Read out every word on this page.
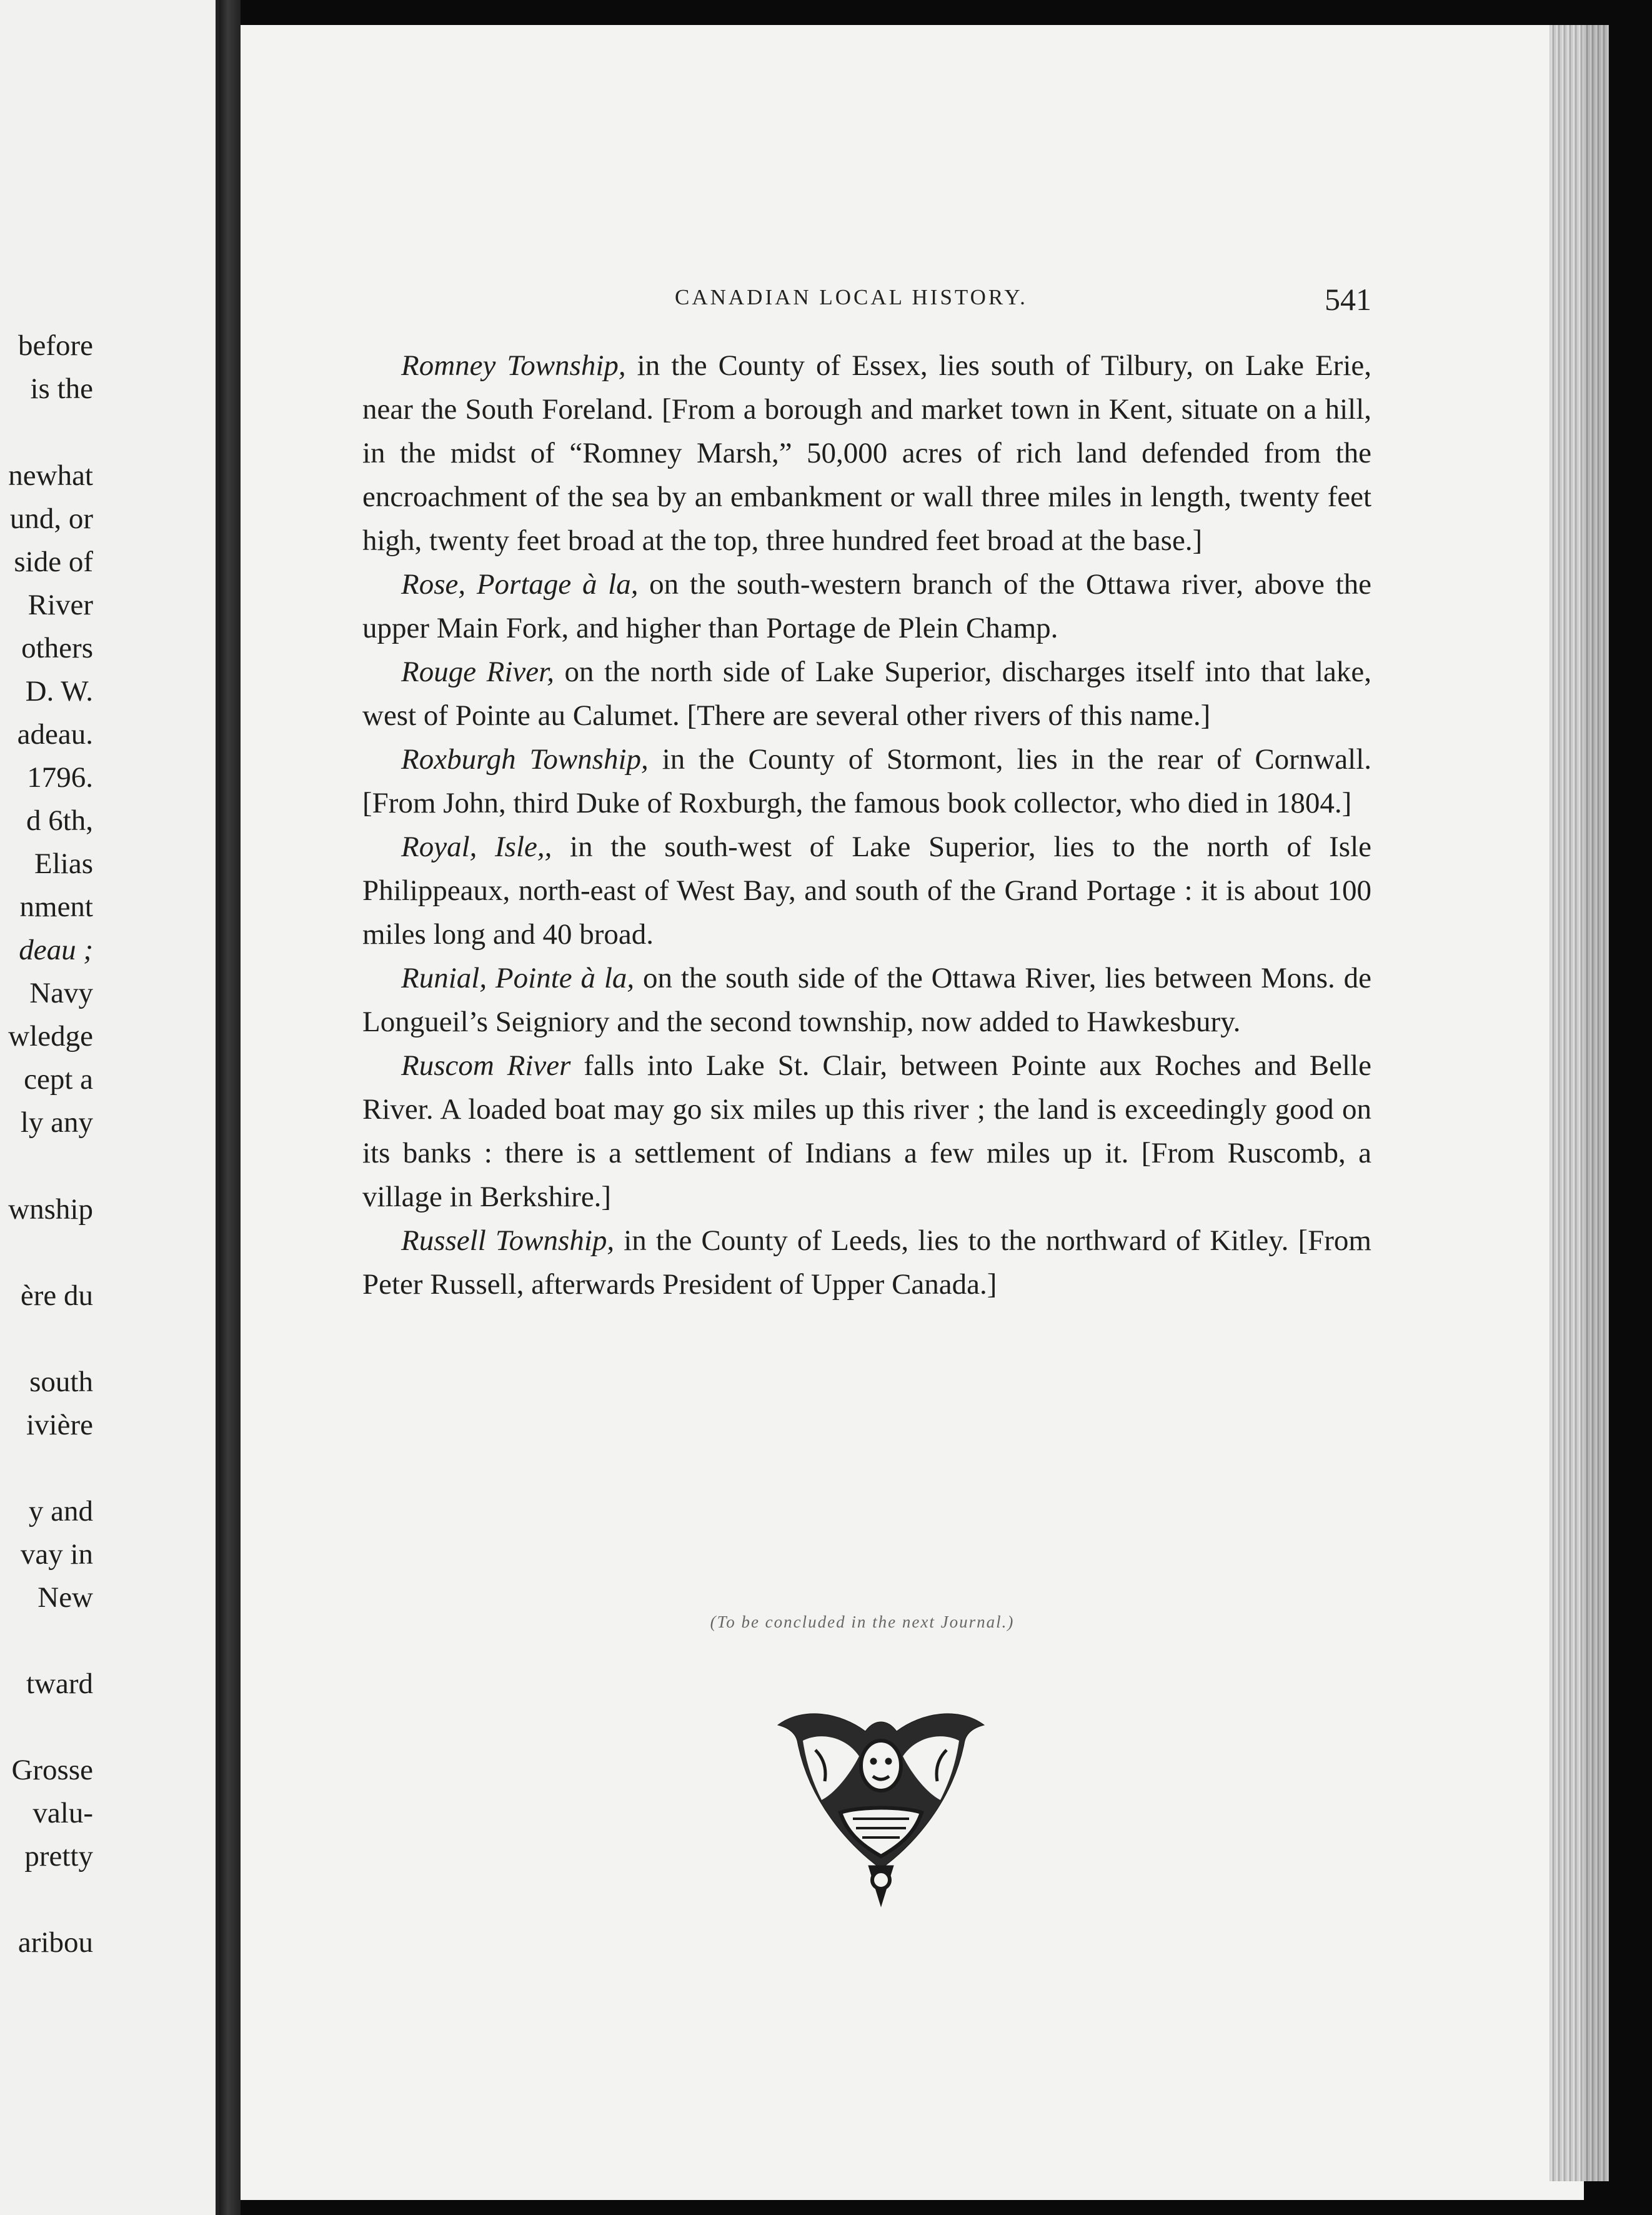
before
is the
newhat
und, or
side of
River
others
D. W.
adeau.
1796.
d 6th,
Elias
nment
deau ;
Navy
wledge
cept a
ly any
wnship
ère du
south
ivière
y and
vay in
New
tward
Grosse
valu-
pretty
aribou
CANADIAN LOCAL HISTORY.	541

Romney Township, in the County of Essex, lies south of Tilbury, on Lake Erie, near the South Foreland. [From a borough and market town in Kent, situate on a hill, in the midst of “Romney Marsh,” 50,000 acres of rich land defended from the encroachment of the sea by an embankment or wall three miles in length, twenty feet high, twenty feet broad at the top, three hundred feet broad at the base.]

Rose, Portage à la, on the south-western branch of the Ottawa river, above the upper Main Fork, and higher than Portage de Plein Champ.

Rouge River, on the north side of Lake Superior, discharges itself into that lake, west of Pointe au Calumet. [There are several other rivers of this name.]

Roxburgh Township, in the County of Stormont, lies in the rear of Cornwall. [From John, third Duke of Roxburgh, the famous book collector, who died in 1804.]

Royal, Isle,, in the south-west of Lake Superior, lies to the north of Isle Philippeaux, north-east of West Bay, and south of the Grand Portage : it is about 100 miles long and 40 broad.

Runial, Pointe à la, on the south side of the Ottawa River, lies between Mons. de Longueil’s Seigniory and the second township, now added to Hawkesbury.

Ruscom River falls into Lake St. Clair, between Pointe aux Roches and Belle River. A loaded boat may go six miles up this river ; the land is exceedingly good on its banks : there is a settlement of Indians a few miles up it. [From Ruscomb, a village in Berkshire.]

Russell Township, in the County of Leeds, lies to the northward of Kitley. [From Peter Russell, afterwards President of Upper Canada.]

(To be concluded in the next Journal.)
